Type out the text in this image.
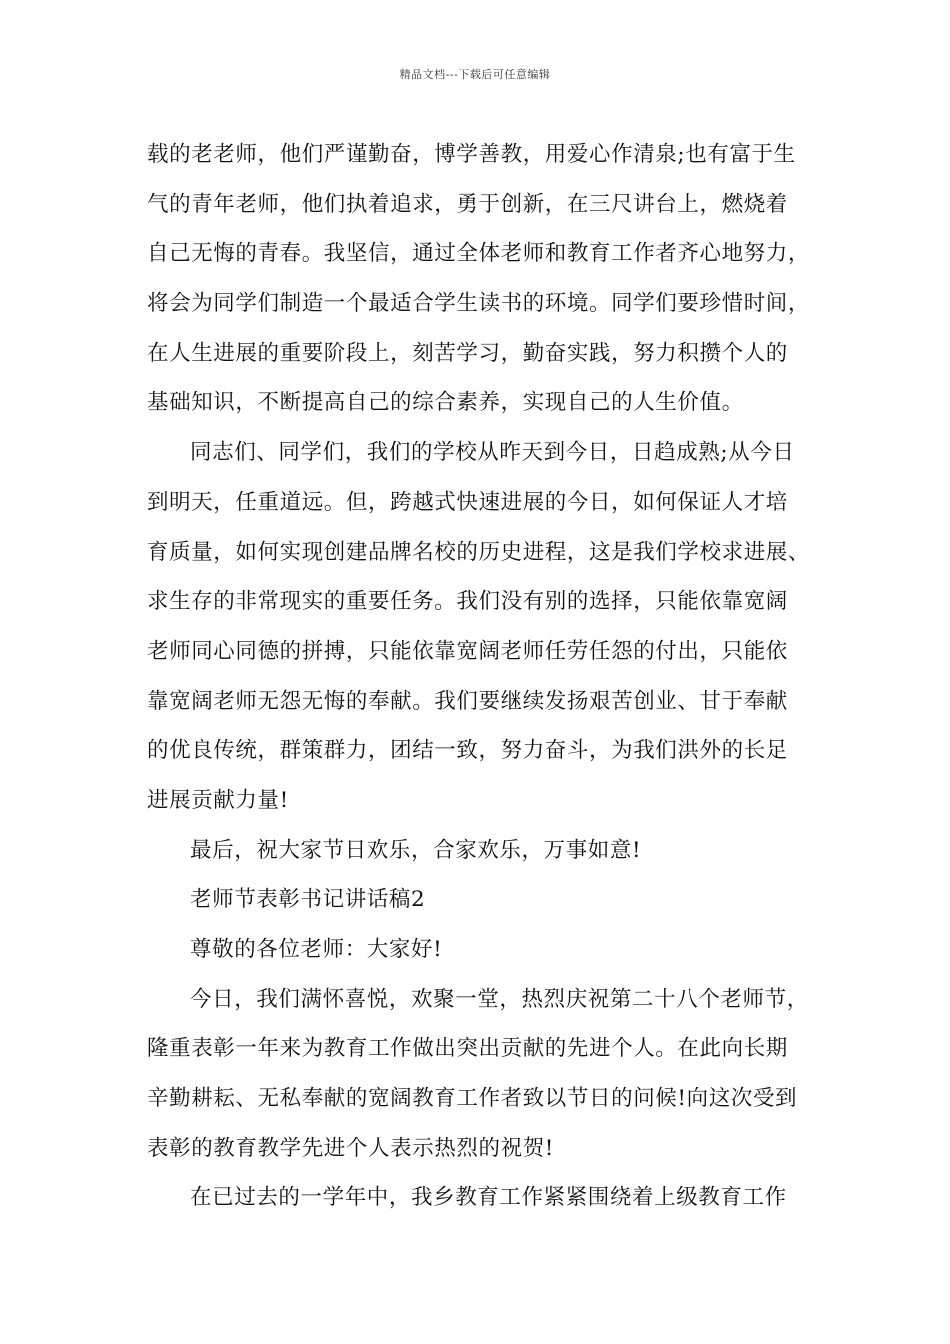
精品文档---下载后可任意编辑
载的老老师，他们严谨勤奋，博学善教，用爱心作清泉;也有富于生
气的青年老师，他们执着追求，勇于创新，在三尺讲台上，燃烧着
自己无悔的青春。我坚信，通过全体老师和教育工作者齐心地努力，
将会为同学们制造一个最适合学生读书的环境。同学们要珍惜时间，
在人生进展的重要阶段上，刻苦学习，勤奋实践，努力积攒个人的
基础知识，不断提高自己的综合素养，实现自己的人生价值。
同志们、同学们，我们的学校从昨天到今日，日趋成熟;从今日
到明天，任重道远。但，跨越式快速进展的今日，如何保证人才培
育质量，如何实现创建品牌名校的历史进程，这是我们学校求进展、
求生存的非常现实的重要任务。我们没有别的选择，只能依靠宽阔
老师同心同德的拼搏，只能依靠宽阔老师任劳任怨的付出，只能依
靠宽阔老师无怨无悔的奉献。我们要继续发扬艰苦创业、甘于奉献
的优良传统，群策群力，团结一致，努力奋斗，为我们洪外的长足
进展贡献力量!
最后，祝大家节日欢乐，合家欢乐，万事如意!
老师节表彰书记讲话稿2
尊敬的各位老师：大家好!
今日，我们满怀喜悦，欢聚一堂，热烈庆祝第二十八个老师节，
隆重表彰一年来为教育工作做出突出贡献的先进个人。在此向长期
辛勤耕耘、无私奉献的宽阔教育工作者致以节日的问候!向这次受到
表彰的教育教学先进个人表示热烈的祝贺!
在已过去的一学年中，我乡教育工作紧紧围绕着上级教育工作
